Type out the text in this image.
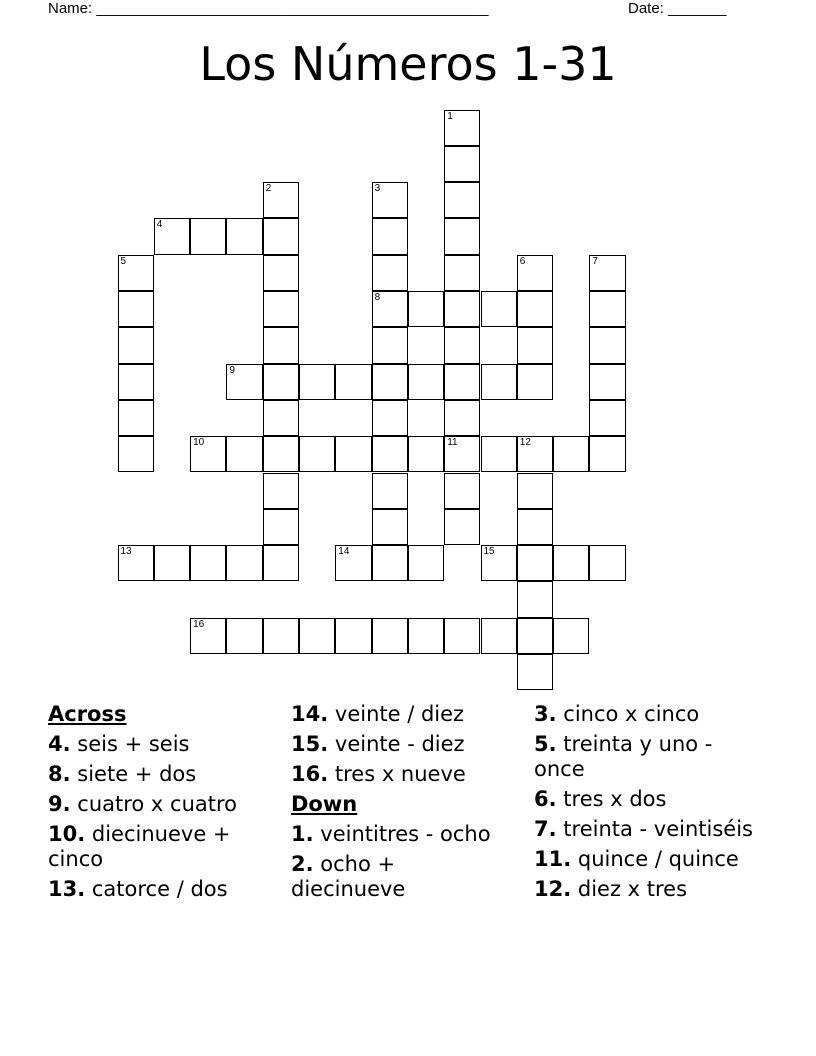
Name: _______________________________________________	Date: _______
Los Números 1-31
1
2	3
8
4
5	6	7
9
10	11	12
13	14	15
16
Across
4. seis + seis
8. siete + dos
9. cuatro x cuatro
10. diecinueve + cinco
13. catorce / dos
14. veinte / diez
15. veinte - diez
16. tres x nueve
Down
1. veintitres - ocho
2. ocho + diecinueve
3. cinco x cinco
5. treinta y uno - once
6. tres x dos
7. treinta - veintiséis
11. quince / quince
12. diez x tres
